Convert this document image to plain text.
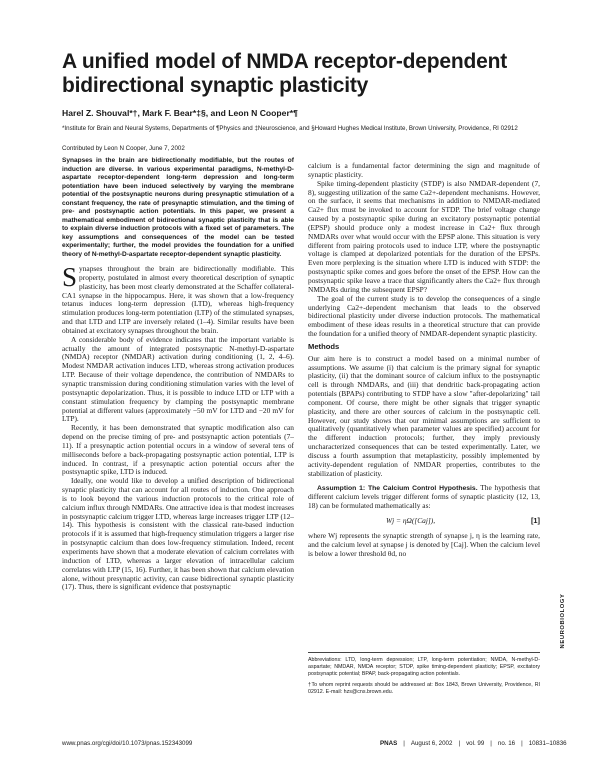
A unified model of NMDA receptor-dependent bidirectional synaptic plasticity
Harel Z. Shouval*†, Mark F. Bear*‡§, and Leon N Cooper*¶
*Institute for Brain and Neural Systems, Departments of ¶Physics and ‡Neuroscience, and §Howard Hughes Medical Institute, Brown University, Providence, RI 02912
Contributed by Leon N Cooper, June 7, 2002
Synapses in the brain are bidirectionally modifiable, but the routes of induction are diverse. In various experimental paradigms, N-methyl-D-aspartate receptor-dependent long-term depression and long-term potentiation have been induced selectively by varying the membrane potential of the postsynaptic neurons during presynaptic stimulation of a constant frequency, the rate of presynaptic stimulation, and the timing of pre- and postsynaptic action potentials. In this paper, we present a mathematical embodiment of bidirectional synaptic plasticity that is able to explain diverse induction protocols with a fixed set of parameters. The key assumptions and consequences of the model can be tested experimentally; further, the model provides the foundation for a unified theory of N-methyl-D-aspartate receptor-dependent synaptic plasticity.

Synapses throughout the brain are bidirectionally modifiable. This property, postulated in almost every theoretical description of synaptic plasticity, has been most clearly demonstrated at the Schaffer collateral-CA1 synapse in the hippocampus. Here, it was shown that a low-frequency tetanus induces long-term depression (LTD), whereas high-frequency stimulation produces long-term potentiation (LTP) of the stimulated synapses, and that LTD and LTP are inversely related (1–4). Similar results have been obtained at excitatory synapses throughout the brain.

A considerable body of evidence indicates that the important variable is actually the amount of integrated postsynaptic N-methyl-D-aspartate (NMDA) receptor (NMDAR) activation during conditioning (1, 2, 4–6). Modest NMDAR activation induces LTD, whereas strong activation produces LTP. Because of their voltage dependence, the contribution of NMDARs to synaptic transmission during conditioning stimulation varies with the level of postsynaptic depolarization. Thus, it is possible to induce LTD or LTP with a constant stimulation frequency by clamping the postsynaptic membrane potential at different values (approximately −50 mV for LTD and −20 mV for LTP).

Recently, it has been demonstrated that synaptic modification also can depend on the precise timing of pre- and postsynaptic action potentials (7–11). If a presynaptic action potential occurs in a window of several tens of milliseconds before a back-propagating postsynaptic action potential, LTP is induced. In contrast, if a presynaptic action potential occurs after the postsynaptic spike, LTD is induced.

Ideally, one would like to develop a unified description of bidirectional synaptic plasticity that can account for all routes of induction. One approach is to look beyond the various induction protocols to the critical role of calcium influx through NMDARs. One attractive idea is that modest increases in postsynaptic calcium trigger LTD, whereas large increases trigger LTP (12–14). This hypothesis is consistent with the classical rate-based induction protocols if it is assumed that high-frequency stimulation triggers a larger rise in postsynaptic calcium than does low-frequency stimulation. Indeed, recent experiments have shown that a moderate elevation of calcium correlates with induction of LTD, whereas a larger elevation of intracellular calcium correlates with LTP (15, 16). Further, it has been shown that calcium elevation alone, without presynaptic activity, can cause bidirectional synaptic plasticity (17). Thus, there is significant evidence that postsynaptic

calcium is a fundamental factor determining the sign and magnitude of synaptic plasticity.

Spike timing-dependent plasticity (STDP) is also NMDAR-dependent (7, 8), suggesting utilization of the same Ca2+-dependent mechanisms. However, on the surface, it seems that mechanisms in addition to NMDAR-mediated Ca2+ flux must be invoked to account for STDP. The brief voltage change caused by a postsynaptic spike during an excitatory postsynaptic potential (EPSP) should produce only a modest increase in Ca2+ flux through NMDARs over what would occur with the EPSP alone. This situation is very different from pairing protocols used to induce LTP, where the postsynaptic voltage is clamped at depolarized potentials for the duration of the EPSPs. Even more perplexing is the situation where LTD is induced with STDP: the postsynaptic spike comes and goes before the onset of the EPSP. How can the postsynaptic spike leave a trace that significantly alters the Ca2+ flux through NMDARs during the subsequent EPSP?

The goal of the current study is to develop the consequences of a single underlying Ca2+-dependent mechanism that leads to the observed bidirectional plasticity under diverse induction protocols. The mathematical embodiment of these ideas results in a theoretical structure that can provide the foundation for a unified theory of NMDAR-dependent synaptic plasticity.

Methods

Our aim here is to construct a model based on a minimal number of assumptions. We assume (i) that calcium is the primary signal for synaptic plasticity, (ii) that the dominant source of calcium influx to the postsynaptic cell is through NMDARs, and (iii) that dendritic back-propagating action potentials (BPAPs) contributing to STDP have a slow "after-depolarizing" tail component. Of course, there might be other signals that trigger synaptic plasticity, and there are other sources of calcium in the postsynaptic cell. However, our study shows that our minimal assumptions are sufficient to qualitatively (quantitatively when parameter values are specified) account for the different induction protocols; further, they imply previously uncharacterized consequences that can be tested experimentally. Later, we discuss a fourth assumption that metaplasticity, possibly implemented by activity-dependent regulation of NMDAR properties, contributes to the stabilization of plasticity.

Assumption 1: The Calcium Control Hypothesis. The hypothesis that different calcium levels trigger different forms of synaptic plasticity (12, 13, 18) can be formulated mathematically as:

Wj = ηΩ([Caj]),	[1]

where Wj represents the synaptic strength of synapse j, η is the learning rate, and the calcium level at synapse j is denoted by [Caj]. When the calcium level is below a lower threshold θd, no

Abbreviations: LTD, long-term depression; LTP, long-term potentiation; NMDA, N-methyl-D-aspartate; NMDAR, NMDA receptor; STDP, spike timing-dependent plasticity; EPSP, excitatory postsynaptic potential; BPAP, back-propagating action potentials.

†To whom reprint requests should be addressed at: Box 1843, Brown University, Providence, RI 02912. E-mail: hzs@cns.brown.edu.

NEUROBIOLOGY
www.pnas.org/cgi/doi/10.1073/pnas.152343099	PNAS | August 6, 2002 | vol. 99 | no. 16 | 10831–10836
